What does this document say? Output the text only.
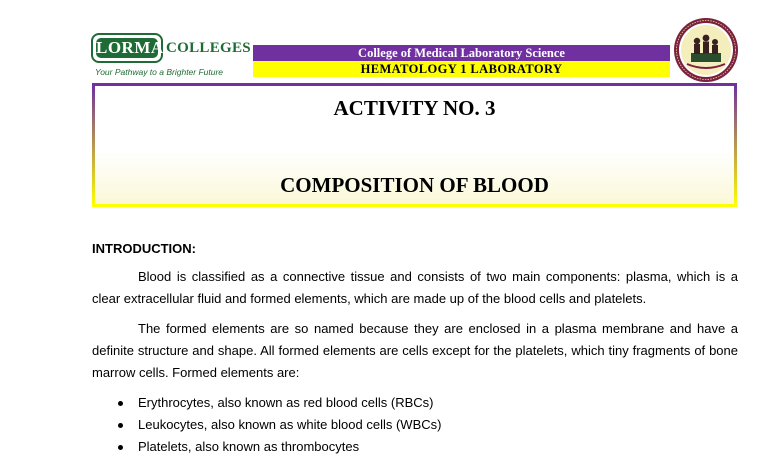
LORMA COLLEGES
Your Pathway to a Brighter Future
College of Medical Laboratory Science
HEMATOLOGY 1 LABORATORY
ACTIVITY NO. 3
COMPOSITION OF BLOOD
INTRODUCTION:

Blood is classified as a connective tissue and consists of two main components: plasma, which is a clear extracellular fluid and formed elements, which are made up of the blood cells and platelets.

The formed elements are so named because they are enclosed in a plasma membrane and have a definite structure and shape. All formed elements are cells except for the platelets, which tiny fragments of bone marrow cells. Formed elements are:

Erythrocytes, also known as red blood cells (RBCs)
Leukocytes, also known as white blood cells (WBCs)
Platelets, also known as thrombocytes
